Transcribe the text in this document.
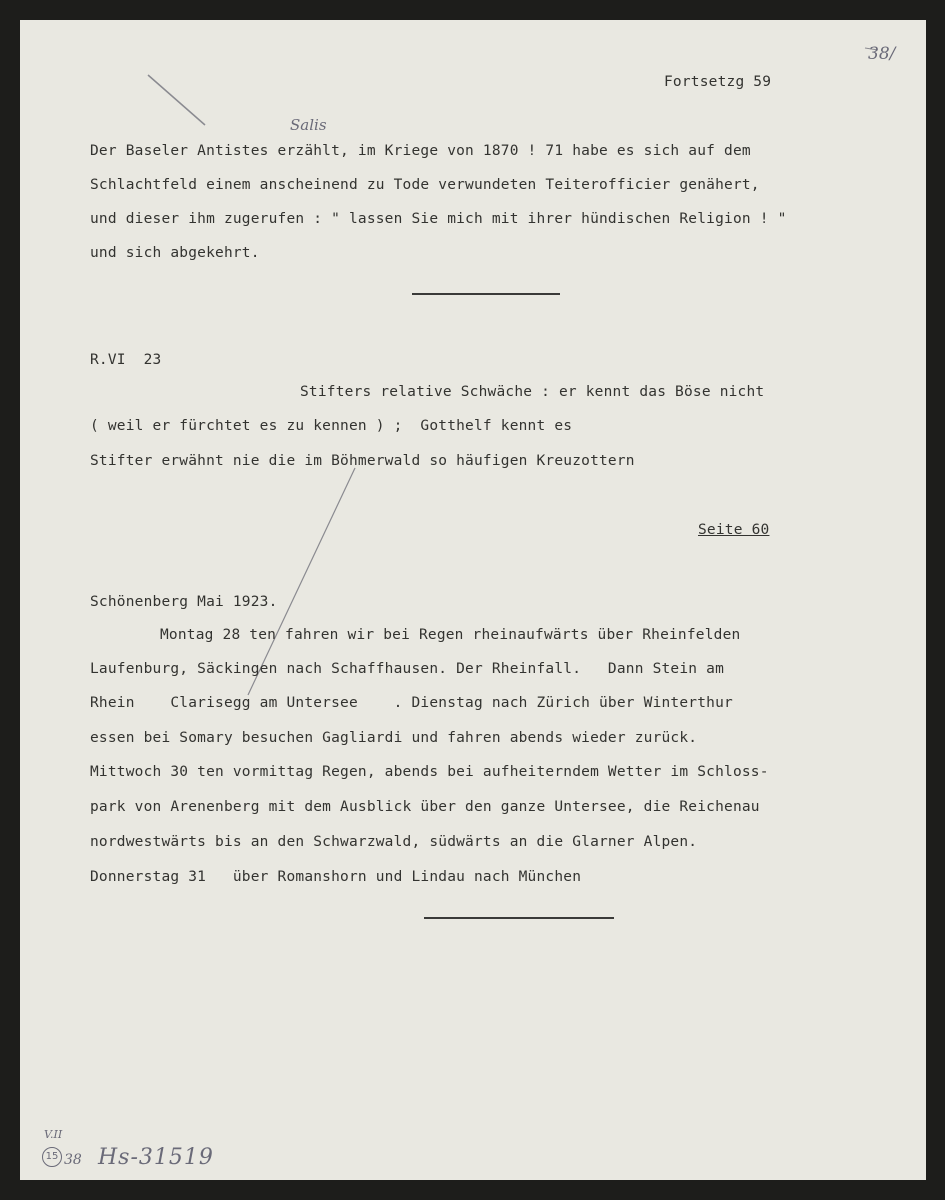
Fortsetzg 59
38/
Salis
Der Baseler Antistes erzählt, im Kriege von 1870 ! 71 habe es sich auf dem
Schlachtfeld einem anscheinend zu Tode verwundeten Teiterofficier genähert,
und dieser ihm zugerufen : " lassen Sie mich mit ihrer hündischen Religion ! "
und sich abgekehrt.
R.VI  23
Stifters relative Schwäche : er kennt das Böse nicht
( weil er fürchtet es zu kennen ) ;  Gotthelf kennt es
Stifter erwähnt nie die im Böhmerwald so häufigen Kreuzottern
Seite 60
Schönenberg Mai 1923.
Montag 28 ten fahren wir bei Regen rheinaufwärts über Rheinfelden
Laufenburg, Säckingen nach Schaffhausen. Der Rheinfall.   Dann Stein am
Rhein    Clarisegg am Untersee    . Dienstag nach Zürich über Winterthur
essen bei Somary besuchen Gagliardi und fahren abends wieder zurück.
Mittwoch 30 ten vormittag Regen, abends bei aufheiterndem Wetter im Schloss-
park von Arenenberg mit dem Ausblick über den ganze Untersee, die Reichenau
nordwestwärts bis an den Schwarzwald, südwärts an die Glarner Alpen.
Donnerstag 31   über Romanshorn und Lindau nach München
V.II
15 38 Hs-31519
